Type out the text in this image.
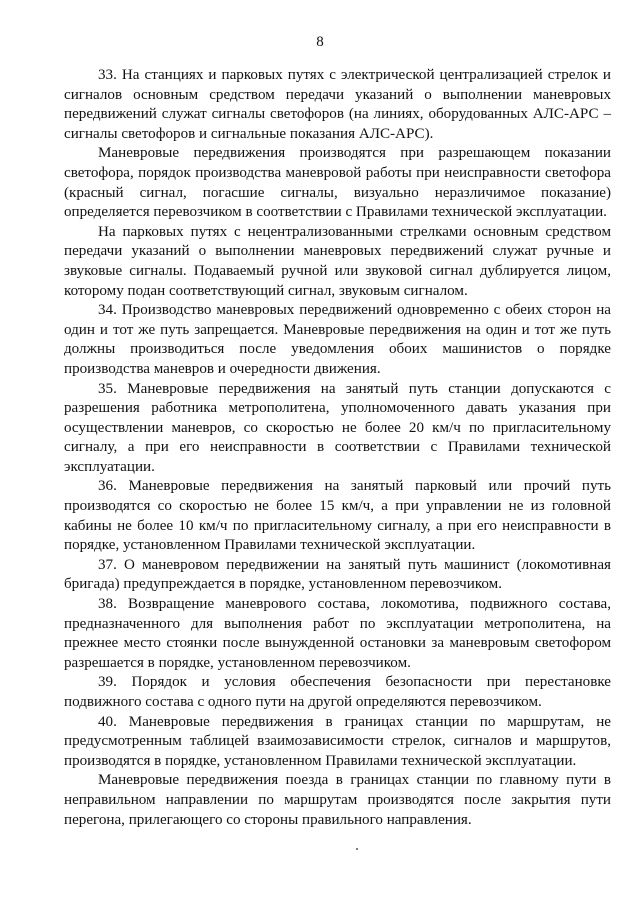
8

33. На станциях и парковых путях с электрической централизацией стрелок и сигналов основным средством передачи указаний о выполнении маневровых передвижений служат сигналы светофоров (на линиях, оборудованных АЛС-АРС – сигналы светофоров и сигнальные показания АЛС-АРС).

Маневровые передвижения производятся при разрешающем показании светофора, порядок производства маневровой работы при неисправности светофора (красный сигнал, погасшие сигналы, визуально неразличимое показание) определяется перевозчиком в соответствии с Правилами технической эксплуатации.

На парковых путях с нецентрализованными стрелками основным средством передачи указаний о выполнении маневровых передвижений служат ручные и звуковые сигналы. Подаваемый ручной или звуковой сигнал дублируется лицом, которому подан соответствующий сигнал, звуковым сигналом.

34. Производство маневровых передвижений одновременно с обеих сторон на один и тот же путь запрещается. Маневровые передвижения на один и тот же путь должны производиться после уведомления обоих машинистов о порядке производства маневров и очередности движения.

35. Маневровые передвижения на занятый путь станции допускаются с разрешения работника метрополитена, уполномоченного давать указания при осуществлении маневров, со скоростью не более 20 км/ч по пригласительному сигналу, а при его неисправности в соответствии с Правилами технической эксплуатации.

36. Маневровые передвижения на занятый парковый или прочий путь производятся со скоростью не более 15 км/ч, а при управлении не из головной кабины не более 10 км/ч по пригласительному сигналу, а при его неисправности в порядке, установленном Правилами технической эксплуатации.

37. О маневровом передвижении на занятый путь машинист (локомотивная бригада) предупреждается в порядке, установленном перевозчиком.

38. Возвращение маневрового состава, локомотива, подвижного состава, предназначенного для выполнения работ по эксплуатации метрополитена, на прежнее место стоянки после вынужденной остановки за маневровым светофором разрешается в порядке, установленном перевозчиком.

39. Порядок и условия обеспечения безопасности при перестановке подвижного состава с одного пути на другой определяются перевозчиком.

40. Маневровые передвижения в границах станции по маршрутам, не предусмотренным таблицей взаимозависимости стрелок, сигналов и маршрутов, производятся в порядке, установленном Правилами технической эксплуатации.

Маневровые передвижения поезда в границах станции по главному пути в неправильном направлении по маршрутам производятся после закрытия пути перегона, прилегающего со стороны правильного направления.
